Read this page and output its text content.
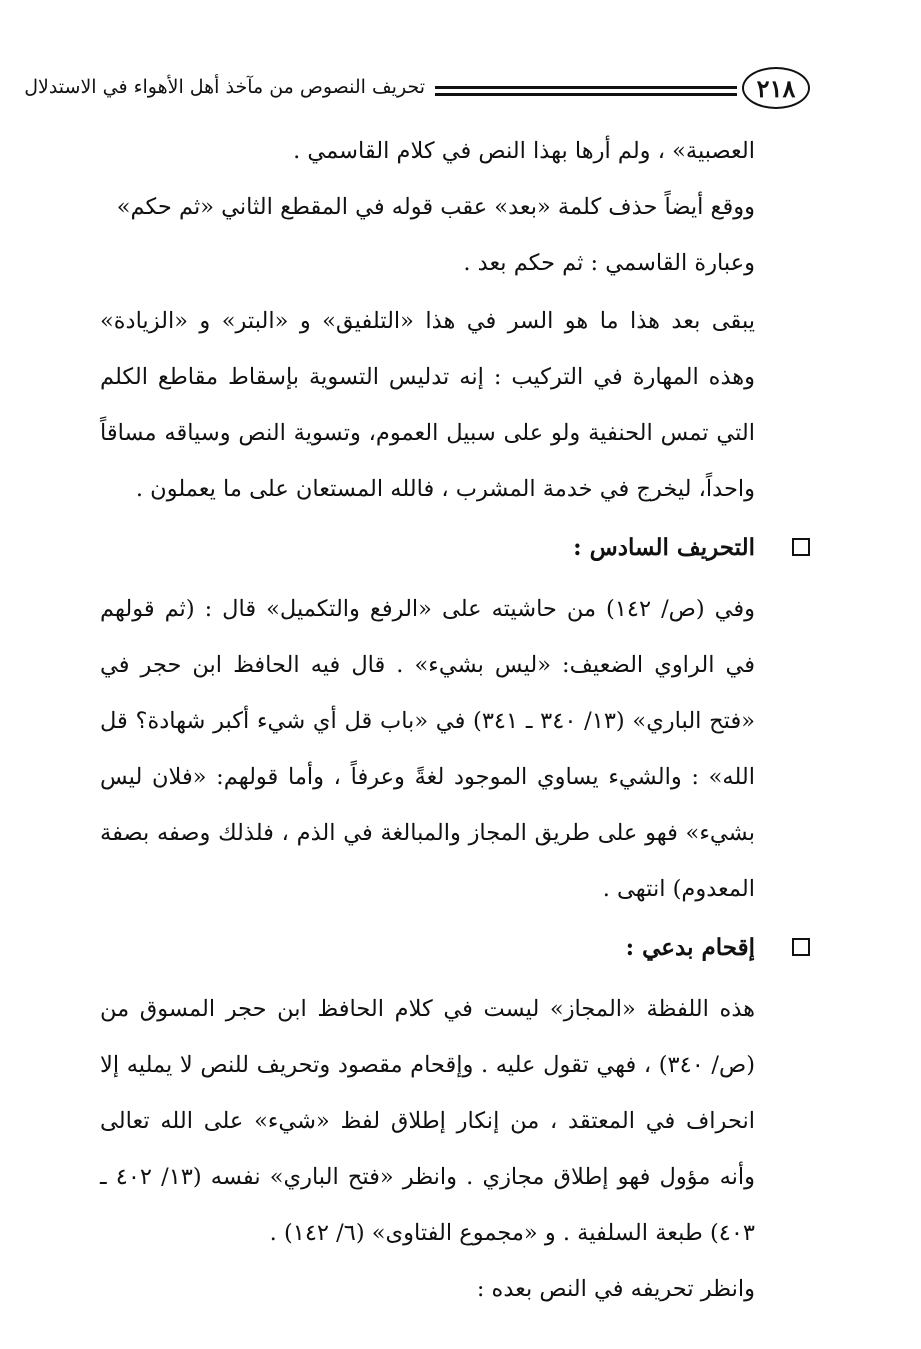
تحريف النصوص من مآخذ أهل الأهواء في الاستدلال	٢١٨

العصبية» ، ولم أرها بهذا النص في كلام القاسمي .

ووقع أيضاً حذف كلمة «بعد» عقب قوله في المقطع الثاني «ثم حكم»

وعبارة القاسمي : ثم حكم بعد .

يبقى بعد هذا ما هو السر في هذا «التلفيق» و «البتر» و «الزيادة» وهذه المهارة في التركيب : إنه تدليس التسوية بإسقاط مقاطع الكلم التي تمس الحنفية ولو على سبيل العموم، وتسوية النص وسياقه مساقاً واحداً، ليخرج في خدمة المشرب ، فالله المستعان على ما يعملون .

التحريف السادس :

وفي (ص/ ١٤٢) من حاشيته على «الرفع والتكميل» قال : (ثم قولهم في الراوي الضعيف: «ليس بشيء» . قال فيه الحافظ ابن حجر في «فتح الباري» (١٣/ ٣٤٠ ـ ٣٤١) في «باب قل أي شيء أكبر شهادة؟ قل الله» : والشيء يساوي الموجود لغةً وعرفاً ، وأما قولهم: «فلان ليس بشيء» فهو على طريق المجاز والمبالغة في الذم ، فلذلك وصفه بصفة المعدوم) انتهى .

إقحام بدعي :

هذه اللفظة «المجاز» ليست في كلام الحافظ ابن حجر المسوق من (ص/ ٣٤٠) ، فهي تقول عليه . وإقحام مقصود وتحريف للنص لا يمليه إلا انحراف في المعتقد ، من إنكار إطلاق لفظ «شيء» على الله تعالى وأنه مؤول فهو إطلاق مجازي . وانظر «فتح الباري» نفسه (١٣/ ٤٠٢ ـ ٤٠٣) طبعة السلفية . و «مجموع الفتاوى» (٦/ ١٤٢) .

وانظر تحريفه في النص بعده :
